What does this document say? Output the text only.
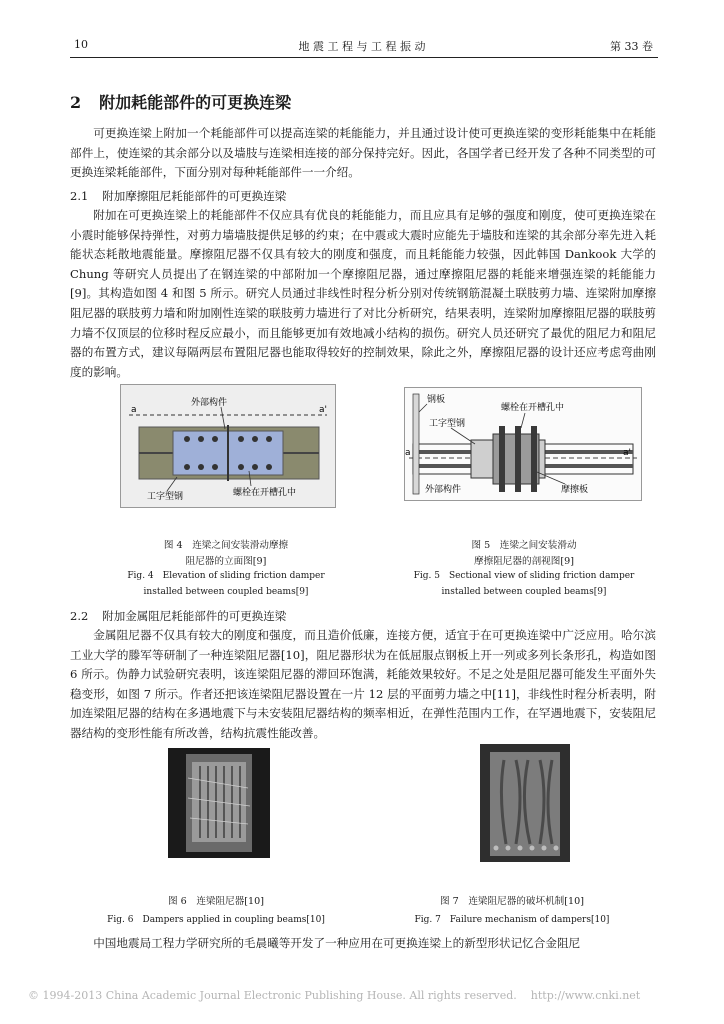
10	地 震 工 程 与 工 程 振 动	第 33 卷
2 附加耗能部件的可更换连梁

可更换连梁上附加一个耗能部件可以提高连梁的耗能能力，并且通过设计使可更换连梁的变形耗能集中在耗能部件上，使连梁的其余部分以及墙肢与连梁相连接的部分保持完好。因此，各国学者已经开发了各种不同类型的可更换连梁耗能部件，下面分别对每种耗能部件一一介绍。

2.1 附加摩擦阻尼耗能部件的可更换连梁

附加在可更换连梁上的耗能部件不仅应具有优良的耗能能力，而且应具有足够的强度和刚度，使可更换连梁在小震时能够保持弹性，对剪力墙墙肢提供足够的约束；在中震或大震时应能先于墙肢和连梁的其余部分率先进入耗能状态耗散地震能量。摩擦阻尼器不仅具有较大的刚度和强度，而且耗能能力较强，因此韩国 Dankook 大学的 Chung 等研究人员提出了在钢连梁的中部附加一个摩擦阻尼器，通过摩擦阻尼器的耗能来增强连梁的耗能能力[9]。其构造如图 4 和图 5 所示。研究人员通过非线性时程分析分别对传统钢筋混凝土联肢剪力墙、连梁附加摩擦阻尼器的联肢剪力墙和附加刚性连梁的联肢剪力墙进行了对比分析研究，结果表明，连梁附加摩擦阻尼器的联肢剪力墙不仅顶层的位移时程反应最小，而且能够更加有效地减小结构的损伤。研究人员还研究了最优的阻尼力和阻尼器的布置方式，建议每隔两层布置阻尼器也能取得较好的控制效果，除此之外，摩擦阻尼器的设计还应考虑弯曲刚度的影响。

a	a'
外部构件
工字型钢	螺栓在开槽孔中
钢板
螺栓在开槽孔中
工字型钢
a	a'
外部构件	摩擦板
图 4　连梁之间安装滑动摩擦
阻尼器的立面图[9]
Fig. 4　Elevation of sliding friction damper
installed between coupled beams[9]
图 5　连梁之间安装滑动
摩擦阻尼器的剖视图[9]
Fig. 5　Sectional view of sliding friction damper
installed between coupled beams[9]
2.2 附加金属阻尼耗能部件的可更换连梁

金属阻尼器不仅具有较大的刚度和强度，而且造价低廉，连接方便，适宜于在可更换连梁中广泛应用。哈尔滨工业大学的滕军等研制了一种连梁阻尼器[10]，阻尼器形状为在低屈服点钢板上开一列或多列长条形孔，构造如图 6 所示。伪静力试验研究表明，该连梁阻尼器的滞回环饱满，耗能效果较好。不足之处是阻尼器可能发生平面外失稳变形，如图 7 所示。作者还把该连梁阻尼器设置在一片 12 层的平面剪力墙之中[11]，非线性时程分析表明，附加连梁阻尼器的结构在多遇地震下与未安装阻尼器结构的频率相近，在弹性范围内工作，在罕遇地震下，安装阻尼器结构的变形性能有所改善，结构抗震性能改善。

图 6　连梁阻尼器[10]
Fig. 6　Dampers applied in coupling beams[10]
图 7　连梁阻尼器的破坏机制[10]
Fig. 7　Failure mechanism of dampers[10]

中国地震局工程力学研究所的毛晨曦等开发了一种应用在可更换连梁上的新型形状记忆合金阻尼

© 1994-2013 China Academic Journal Electronic Publishing House. All rights reserved. http://www.cnki.net
